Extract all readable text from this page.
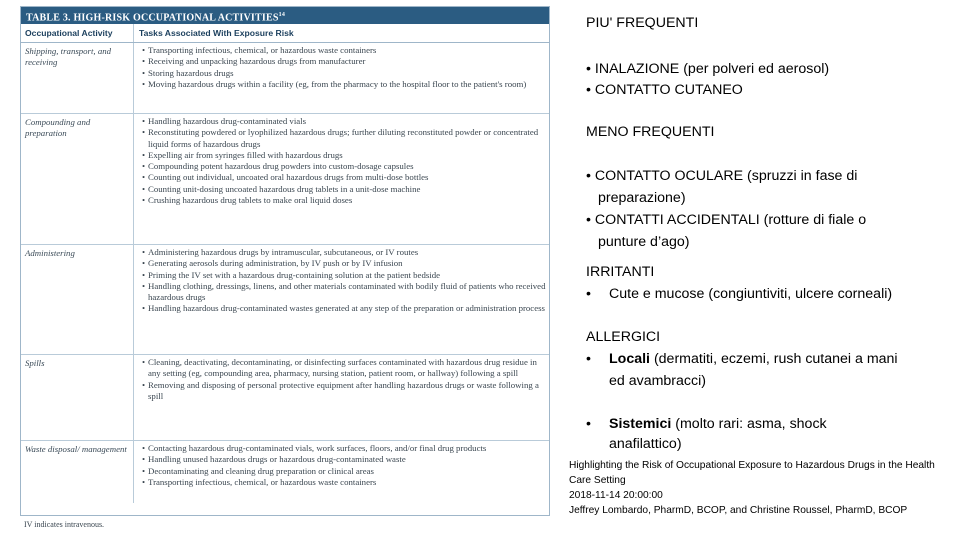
TABLE 3. HIGH-RISK OCCUPATIONAL ACTIVITIES$^{14}$
Occupational Activity	Tasks Associated With Exposure Risk
Shipping, transport, and receiving
• Transporting infectious, chemical, or hazardous waste containers
• Receiving and unpacking hazardous drugs from manufacturer
• Storing hazardous drugs
• Moving hazardous drugs within a facility (eg, from the pharmacy to the hospital floor to the patient's room)
Compounding and preparation
• Handling hazardous drug-contaminated vials
• Reconstituting powdered or lyophilized hazardous drugs; further diluting reconstituted powder or concentrated liquid forms of hazardous drugs
• Expelling air from syringes filled with hazardous drugs
• Compounding potent hazardous drug powders into custom-dosage capsules
• Counting out individual, uncoated oral hazardous drugs from multi-dose bottles
• Counting unit-dosing uncoated hazardous drug tablets in a unit-dose machine
• Crushing hazardous drug tablets to make oral liquid doses
Administering	• Administering hazardous drugs by intramuscular, subcutaneous, or IV routes
• Generating aerosols during administration, by IV push or by IV infusion
• Priming the IV set with a hazardous drug-containing solution at the patient bedside
• Handling clothing, dressings, linens, and other materials contaminated with bodily fluid of patients who received hazardous drugs
• Handling hazardous drug-contaminated wastes generated at any step of the preparation or administration process
Spills	• Cleaning, deactivating, decontaminating, or disinfecting surfaces contaminated with hazardous drug residue in any setting (eg, compounding area, pharmacy, nursing station, patient room, or hallway) following a spill
• Removing and disposing of personal protective equipment after handling hazardous drugs or waste following a spill
Waste disposal/ management	• Contacting hazardous drug-contaminated vials, work surfaces, floors, and/or final drug products
• Handling unused hazardous drugs or hazardous drug-contaminated waste
• Decontaminating and cleaning drug preparation or clinical areas
• Transporting infectious, chemical, or hazardous waste containers
IV indicates intravenous.
PIU' FREQUENTI
• INALAZIONE (per polveri ed aerosol)
• CONTATTO CUTANEO
MENO FREQUENTI
• CONTATTO OCULARE (spruzzi in fase di
preparazione)
• CONTATTI ACCIDENTALI (rotture di fiale o
punture d’ago)
IRRITANTI
• Cute e mucose (congiuntiviti, ulcere corneali)
ALLERGICI
• Locali (dermatiti, eczemi, rush cutanei a mani
ed avambracci)
• Sistemici (molto rari: asma, shock
anafilattico)
Highlighting the Risk of Occupational Exposure to Hazardous Drugs in the Health Care Setting
2018-11-14 20:00:00
Jeffrey Lombardo, PharmD, BCOP, and Christine Roussel, PharmD, BCOP
